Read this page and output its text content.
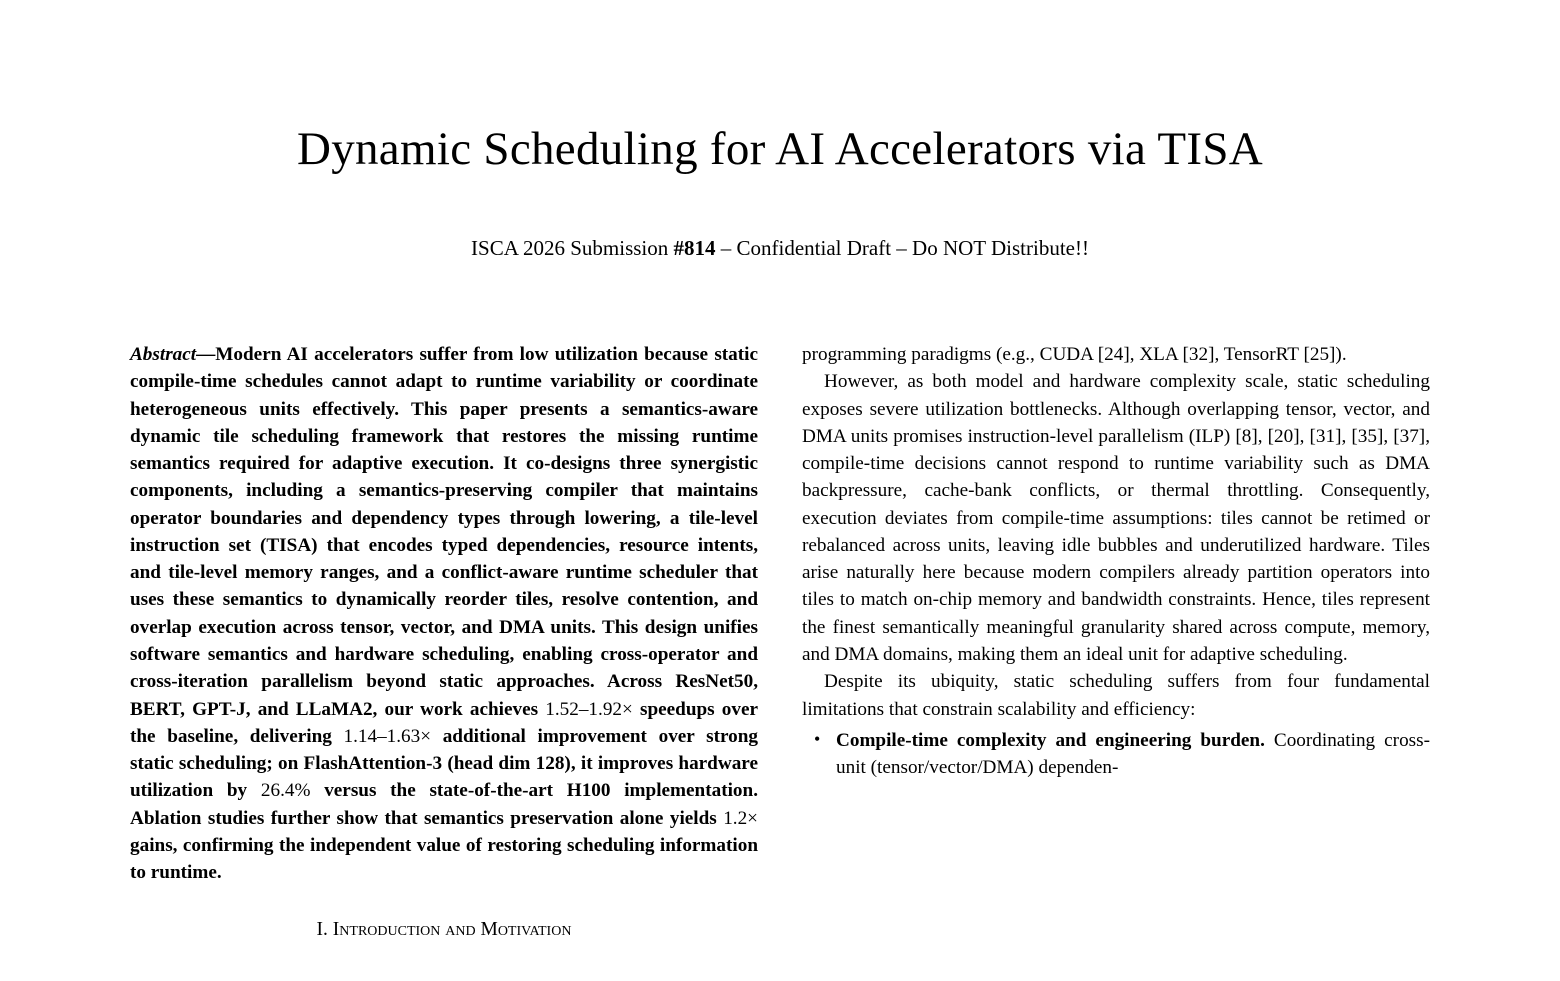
Dynamic Scheduling for AI Accelerators via TISA
ISCA 2026 Submission #814 – Confidential Draft – Do NOT Distribute!!

Abstract—Modern AI accelerators suffer from low utilization because static compile-time schedules cannot adapt to runtime variability or coordinate heterogeneous units effectively. This paper presents a semantics-aware dynamic tile scheduling framework that restores the missing runtime semantics required for adaptive execution. It co-designs three synergistic components, including a semantics-preserving compiler that maintains operator boundaries and dependency types through lowering, a tile-level instruction set (TISA) that encodes typed dependencies, resource intents, and tile-level memory ranges, and a conflict-aware runtime scheduler that uses these semantics to dynamically reorder tiles, resolve contention, and overlap execution across tensor, vector, and DMA units. This design unifies software semantics and hardware scheduling, enabling cross-operator and cross-iteration parallelism beyond static approaches. Across ResNet50, BERT, GPT-J, and LLaMA2, our work achieves 1.52–1.92× speedups over the baseline, delivering 1.14–1.63× additional improvement over strong static scheduling; on FlashAttention-3 (head dim 128), it improves hardware utilization by 26.4% versus the state-of-the-art H100 implementation. Ablation studies further show that semantics preservation alone yields 1.2× gains, confirming the independent value of restoring scheduling information to runtime.

I. Introduction and Motivation

programming paradigms (e.g., CUDA [24], XLA [32], TensorRT [25]).

However, as both model and hardware complexity scale, static scheduling exposes severe utilization bottlenecks. Although overlapping tensor, vector, and DMA units promises instruction-level parallelism (ILP) [8], [20], [31], [35], [37], compile-time decisions cannot respond to runtime variability such as DMA backpressure, cache-bank conflicts, or thermal throttling. Consequently, execution deviates from compile-time assumptions: tiles cannot be retimed or rebalanced across units, leaving idle bubbles and underutilized hardware. Tiles arise naturally here because modern compilers already partition operators into tiles to match on-chip memory and bandwidth constraints. Hence, tiles represent the finest semantically meaningful granularity shared across compute, memory, and DMA domains, making them an ideal unit for adaptive scheduling.

Despite its ubiquity, static scheduling suffers from four fundamental limitations that constrain scalability and efficiency:

• Compile-time complexity and engineering burden. Coordinating cross-unit (tensor/vector/DMA) dependen-
